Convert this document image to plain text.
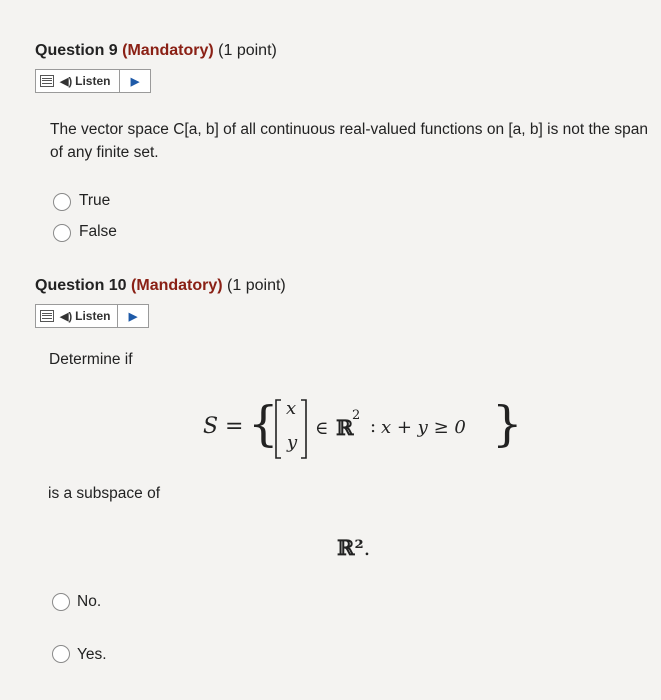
Question 9 (Mandatory) (1 point)
◀) Listen	▶
The vector space C[a, b] of all continuous real-valued functions on [a, b] is not the span of any finite set.
True
False
Question 10 (Mandatory) (1 point)
◀) Listen	▶
Determine if
S = { x
y
∈ ℝ
2
: x + y ≥ 0 }
is a subspace of
ℝ².
No.
Yes.
